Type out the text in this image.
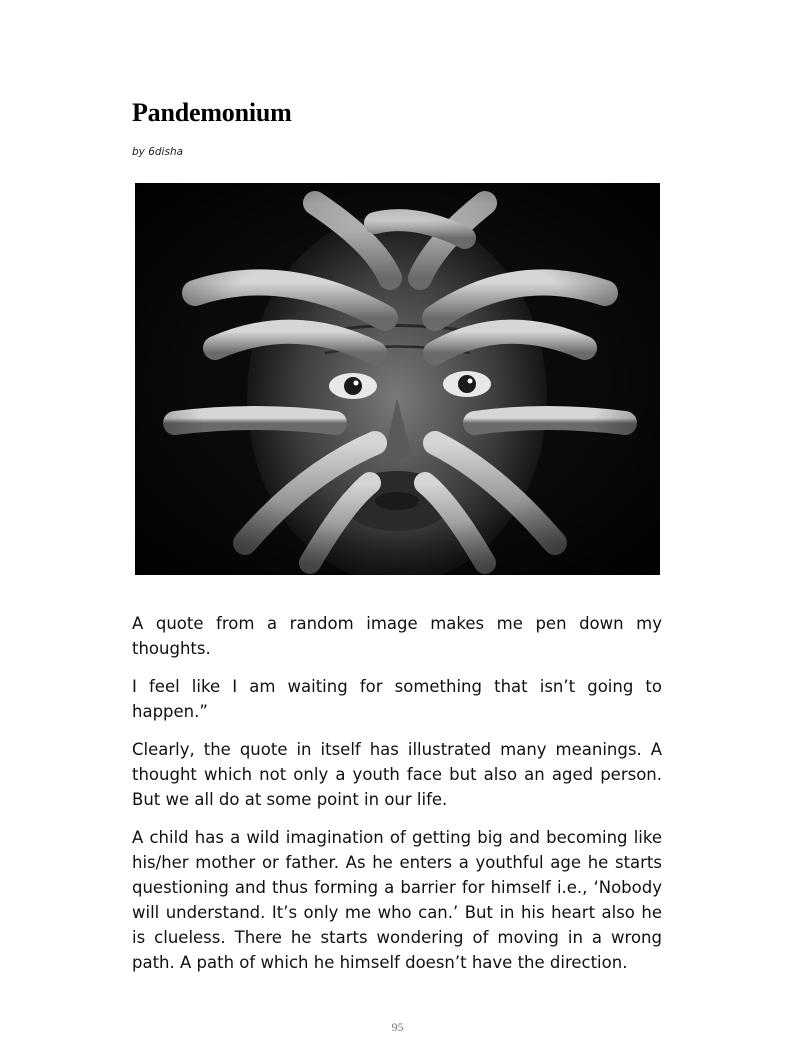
Pandemonium
by 6disha

A quote from a random image makes me pen down my thoughts.

I feel like I am waiting for something that isn’t going to happen.”

Clearly, the quote in itself has illustrated many meanings. A thought which not only a youth face but also an aged person. But we all do at some point in our life.

A child has a wild imagination of getting big and becoming like his/her mother or father. As he enters a youthful age he starts questioning and thus forming a barrier for himself i.e., ‘Nobody will understand. It’s only me who can.’ But in his heart also he is clueless. There he starts wondering of moving in a wrong path. A path of which he himself doesn’t have the direction.

95
